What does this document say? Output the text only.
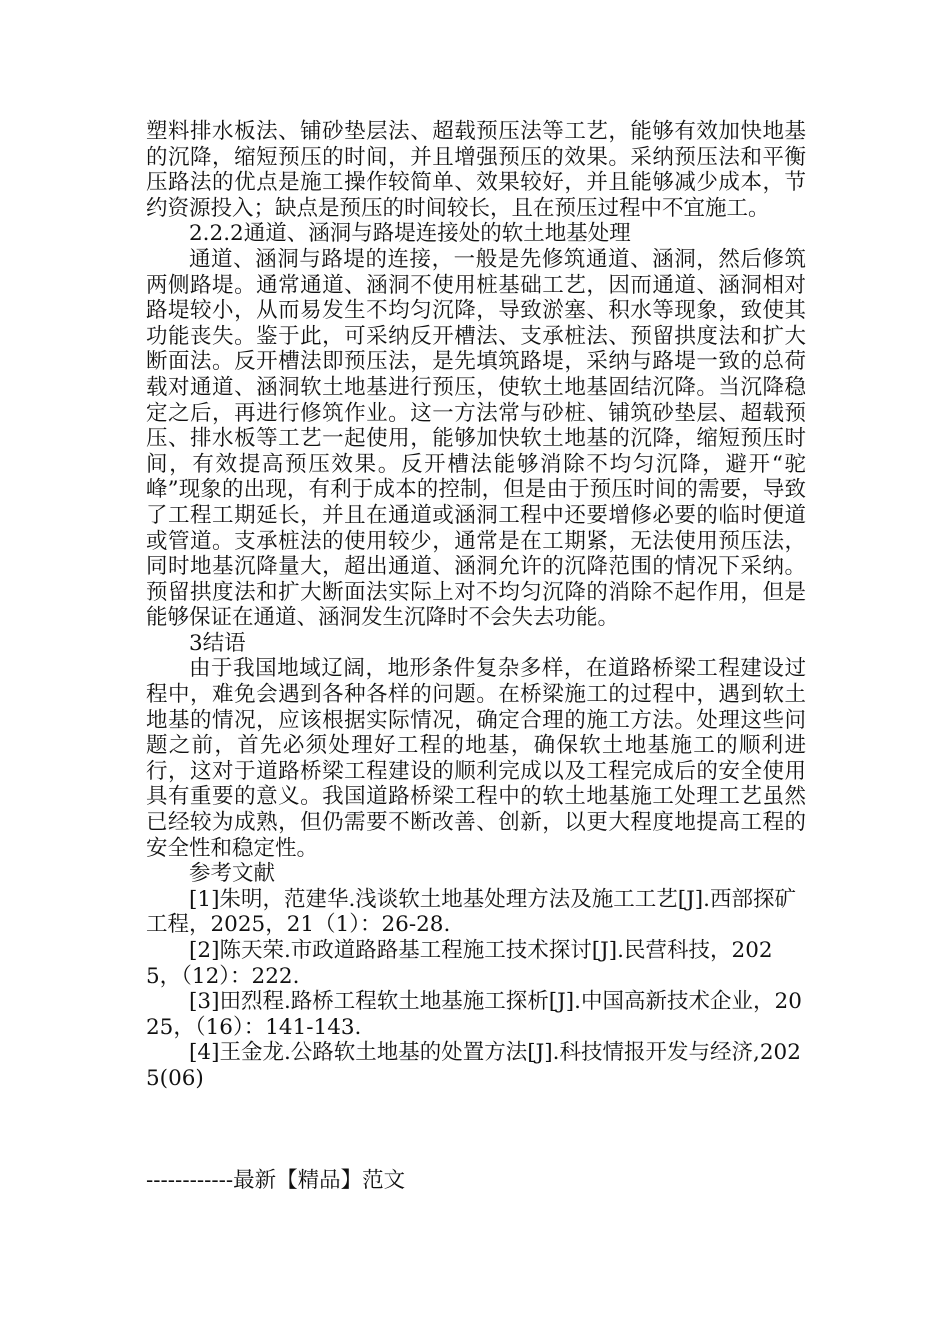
塑料排水板法、铺砂垫层法、超载预压法等工艺，能够有效加快地基的沉降，缩短预压的时间，并且增强预压的效果。采纳预压法和平衡压路法的优点是施工操作较简单、效果较好，并且能够减少成本，节约资源投入；缺点是预压的时间较长，且在预压过程中不宜施工。

2.2.2通道、涵洞与路堤连接处的软土地基处理

通道、涵洞与路堤的连接，一般是先修筑通道、涵洞，然后修筑两侧路堤。通常通道、涵洞不使用桩基础工艺，因而通道、涵洞相对路堤较小，从而易发生不均匀沉降，导致淤塞、积水等现象，致使其功能丧失。鉴于此，可采纳反开槽法、支承桩法、预留拱度法和扩大断面法。反开槽法即预压法，是先填筑路堤，采纳与路堤一致的总荷载对通道、涵洞软土地基进行预压，使软土地基固结沉降。当沉降稳定之后，再进行修筑作业。这一方法常与砂桩、铺筑砂垫层、超载预压、排水板等工艺一起使用，能够加快软土地基的沉降，缩短预压时间，有效提高预压效果。反开槽法能够消除不均匀沉降，避开“驼峰”现象的出现，有利于成本的控制，但是由于预压时间的需要，导致了工程工期延长，并且在通道或涵洞工程中还要增修必要的临时便道或管道。支承桩法的使用较少，通常是在工期紧，无法使用预压法，同时地基沉降量大，超出通道、涵洞允许的沉降范围的情况下采纳。预留拱度法和扩大断面法实际上对不均匀沉降的消除不起作用，但是能够保证在通道、涵洞发生沉降时不会失去功能。

3结语

由于我国地域辽阔，地形条件复杂多样，在道路桥梁工程建设过程中，难免会遇到各种各样的问题。在桥梁施工的过程中，遇到软土地基的情况，应该根据实际情况，确定合理的施工方法。处理这些问题之前，首先必须处理好工程的地基，确保软土地基施工的顺利进行，这对于道路桥梁工程建设的顺利完成以及工程完成后的安全使用具有重要的意义。我国道路桥梁工程中的软土地基施工处理工艺虽然已经较为成熟，但仍需要不断改善、创新，以更大程度地提高工程的安全性和稳定性。

参考文献

[1]朱明，范建华.浅谈软土地基处理方法及施工工艺[J].西部探矿工程，2025，21（1）：26-28.

[2]陈天荣.市政道路路基工程施工技术探讨[J].民营科技，2025，（12）：222.

[3]田烈程.路桥工程软土地基施工探析[J].中国高新技术企业，2025，（16）：141-143.

[4]王金龙.公路软土地基的处置方法[J].科技情报开发与经济,2025(06)

------------最新【精品】范文
